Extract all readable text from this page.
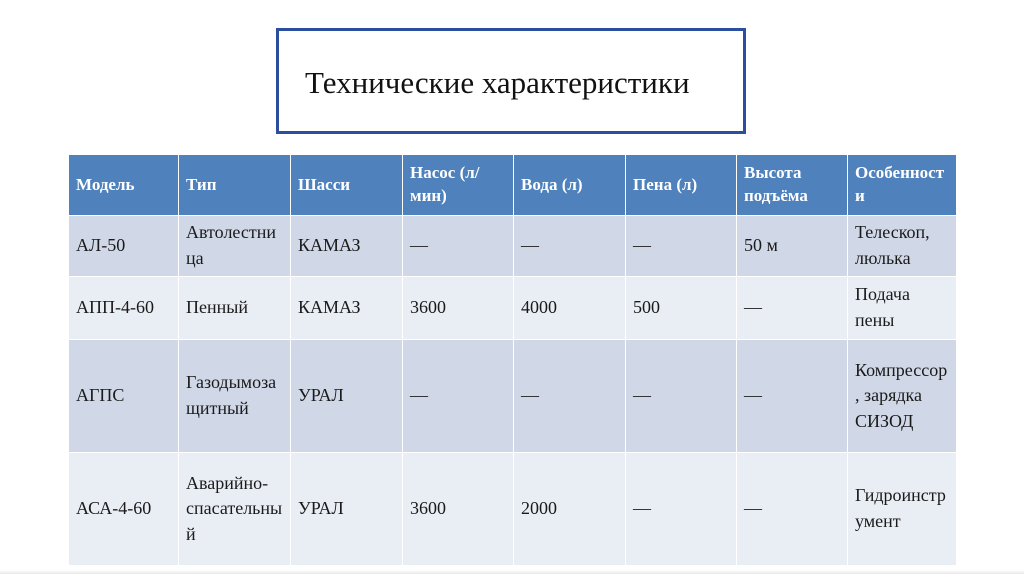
Технические характеристики
Модель	Тип	Шасси	Насос (л/мин)	Вода (л)	Пена (л)	Высота подъёма	Особенности
АЛ-50	Автолестница	КАМАЗ	—	—	—	50 м	Телескоп, люлька
АПП-4-60	Пенный	КАМАЗ	3600	4000	500	—	Подача пены
АГПС	Газодымозащитный	УРАЛ	—	—	—	—	Компрессор, зарядка СИЗОД
АСА-4-60	Аварийно-спасательный	УРАЛ	3600	2000	—	—	Гидроинструмент
